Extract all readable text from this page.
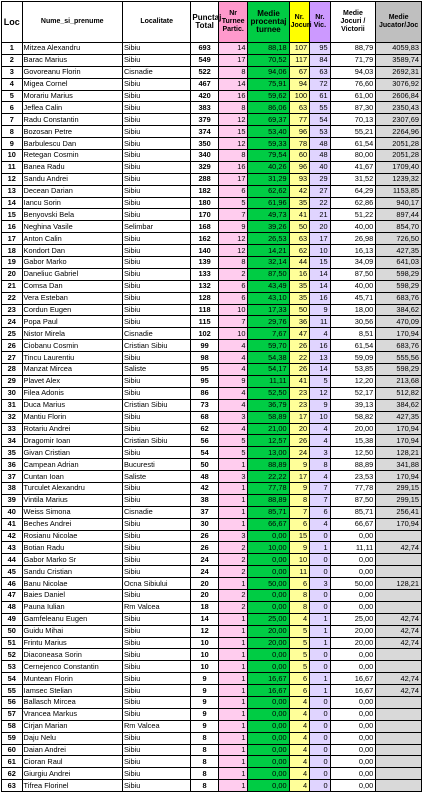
Loc	Nume_si_prenume	Localitate	Punctaj Total	Nr Turnee Partic.	Medie procentaj turnee	Nr. Jocuri	Nr. Vic.	Medie Jocuri / Victorii	Medie Jucator/Joc
1	Mitzea Alexandru	Sibiu	693	14	88,18	107	95	88,79	4059,83
2	Barac Marius	Sibiu	549	17	70,52	117	84	71,79	3589,74
3	Govoreanu Florin	Cisnadie	522	8	94,06	67	63	94,03	2692,31
4	Migea Cornel	Sibiu	467	14	75,91	94	72	76,60	3076,92
5	Morariu Marius	Sibiu	420	16	59,62	100	61	61,00	2606,84
6	Jeflea Calin	Sibiu	383	8	86,06	63	55	87,30	2350,43
7	Radu Constantin	Sibiu	379	12	69,37	77	54	70,13	2307,69
8	Bozosan Petre	Sibiu	374	15	53,40	96	53	55,21	2264,96
9	Barbulescu Dan	Sibiu	350	12	59,33	78	48	61,54	2051,28
10	Retegan Cosmin	Sibiu	340	8	79,54	60	48	80,00	2051,28
11	Banea Radu	Sibiu	329	16	40,26	96	40	41,67	1709,40
12	Sandu Andrei	Sibiu	288	17	31,29	93	29	31,52	1239,32
13	Decean Darian	Sibiu	182	6	62,62	42	27	64,29	1153,85
14	Iancu Sorin	Sibiu	180	5	61,96	35	22	62,86	940,17
15	Benyovski Bela	Sibiu	170	7	49,73	41	21	51,22	897,44
16	Neghina Vasile	Selimbar	168	9	39,26	50	20	40,00	854,70
17	Anton Calin	Sibiu	162	12	26,53	63	17	26,98	726,50
18	Kondort Dan	Sibiu	140	12	14,21	62	10	16,13	427,35
19	Gabor Marko	Sibiu	139	8	32,14	44	15	34,09	641,03
20	Daneliuc Gabriel	Sibiu	133	2	87,50	16	14	87,50	598,29
21	Comsa Dan	Sibiu	132	6	43,49	35	14	40,00	598,29
22	Vera Esteban	Sibiu	128	6	43,10	35	16	45,71	683,76
23	Cordun Eugen	Sibiu	118	10	17,33	50	9	18,00	384,62
24	Popa Paul	Sibiu	115	7	29,76	36	11	30,56	470,09
25	Nistor Mirela	Cisnadie	102	10	7,67	47	4	8,51	170,94
26	Ciobanu Cosmin	Cristian Sibiu	99	4	59,70	26	16	61,54	683,76
27	Tincu Laurentiu	Sibiu	98	4	54,38	22	13	59,09	555,56
28	Manzat Mircea	Saliste	95	4	54,17	26	14	53,85	598,29
29	Plavet Alex	Sibiu	95	9	11,11	41	5	12,20	213,68
30	Filea Adonis	Sibiu	86	4	52,50	23	12	52,17	512,82
31	Duca Marius	Cristian Sibiu	73	4	36,79	23	9	39,13	384,62
32	Mantiu Florin	Sibiu	68	3	58,89	17	10	58,82	427,35
33	Rotariu Andrei	Sibiu	62	4	21,00	20	4	20,00	170,94
34	Dragomir Ioan	Cristian Sibiu	56	5	12,57	26	4	15,38	170,94
35	Givan Cristian	Sibiu	54	5	13,00	24	3	12,50	128,21
36	Campean Adrian	Bucuresti	50	1	88,89	9	8	88,89	341,88
37	Cuntan Ioan	Saliste	48	3	22,22	17	4	23,53	170,94
38	Turculet Alexandru	Sibiu	42	1	77,78	9	7	77,78	299,15
39	Vintila Marius	Sibiu	38	1	88,89	8	7	87,50	299,15
40	Weiss Simona	Cisnadie	37	1	85,71	7	6	85,71	256,41
41	Beches Andrei	Sibiu	30	1	66,67	6	4	66,67	170,94
42	Rosianu Nicolae	Sibiu	26	3	0,00	15	0	0,00	
43	Botian Radu	Sibiu	26	2	10,00	9	1	11,11	42,74
44	Gabor Marko Sr	Sibiu	24	2	0,00	10	0	0,00	
45	Sandu Cristian	Sibiu	24	2	0,00	11	0	0,00	
46	Banu Nicolae	Ocna Sibiului	20	1	50,00	6	3	50,00	128,21
47	Baies Daniel	Sibiu	20	2	0,00	8	0	0,00	
48	Pauna Iulian	Rm Valcea	18	2	0,00	8	0	0,00	
49	Gamfeleanu Eugen	Sibiu	14	1	25,00	4	1	25,00	42,74
50	Guidu Mihai	Sibiu	12	1	20,00	5	1	20,00	42,74
51	Frintu Marius	Sibiu	10	1	20,00	5	1	20,00	42,74
52	Diaconeasa Sorin	Sibiu	10	1	0,00	5	0	0,00	
53	Cernejenco Constantin	Sibiu	10	1	0,00	5	0	0,00	
54	Muntean Florin	Sibiu	9	1	16,67	6	1	16,67	42,74
55	Iamsec Stelian	Sibiu	9	1	16,67	6	1	16,67	42,74
56	Ballasch Mircea	Sibiu	9	1	0,00	4	0	0,00	
57	Vrancea Markus	Sibiu	9	1	0,00	4	0	0,00	
58	Cirjan Marian	Rm Valcea	9	1	0,00	4	0	0,00	
59	Daju Nelu	Sibiu	8	1	0,00	4	0	0,00	
60	Daian Andrei	Sibiu	8	1	0,00	4	0	0,00	
61	Cioran Raul	Sibiu	8	1	0,00	4	0	0,00	
62	Giurgiu Andrei	Sibiu	8	1	0,00	4	0	0,00	
63	Tifrea Florinel	Sibiu	8	1	0,00	4	0	0,00	
